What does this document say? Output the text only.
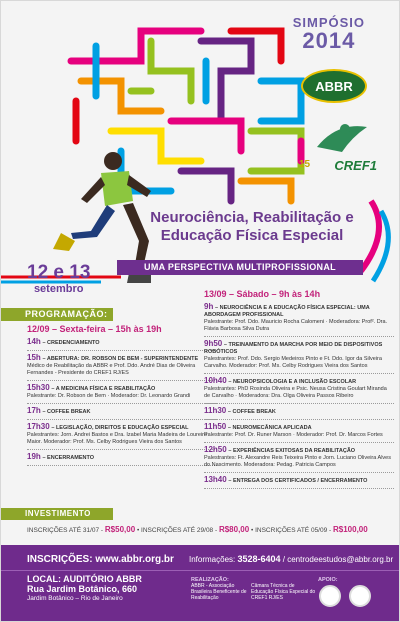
SIMPÓSIO
2014
ABBR
15 CREF1
Neurociência, Reabilitação e Educação Física Especial
UMA PERSPECTIVA MULTIPROFISSIONAL
12 e 13
setembro
PROGRAMAÇÃO:
12/09 – Sexta-feira – 15h às 19h
14h – CREDENCIAMENTO
15h – ABERTURA: DR. ROBSON DE BEM - SUPERINTENDENTE
Médico de Reabilitação da ABBR e Prof. Ddo. André Dias de Oliveira Fernandes - Presidente do CREF1 RJ/ES
15h30 – A MEDICINA FÍSICA E REABILITAÇÃO
Palestrante: Dr. Robson de Bem · Moderador: Dr. Leonardo Grandi
17h – COFFEE BREAK
17h30 – LEGISLAÇÃO, DIREITOS E EDUCAÇÃO ESPECIAL
Palestrantes: Jorn. Andrei Bastos e Dra. Izabel Maria Madeira de Loureiro Maior. Moderador: Prof. Ms. Celby Rodrigues Vieira dos Santos
19h – ENCERRAMENTO
13/09 – Sábado – 9h às 14h
9h – NEUROCIÊNCIA E A EDUCAÇÃO FÍSICA ESPECIAL: UMA ABORDAGEM PROFISSIONAL
Palestrante: Prof. Ddo. Mauricio Rocha Calomeni · Moderadora: Prof². Dra. Flávia Barbosa Silva Dutra
9h50 – TREINAMENTO DA MARCHA POR MEIO DE DISPOSITIVOS ROBÓTICOS
Palestrantes: Prof. Ddo. Sergio Medeiros Pinto e Ft. Ddo. Igor da Silveira Carvalho. Moderador: Prof. Ms. Celby Rodrigues Vieira dos Santos
10h40 – NEUROPSICOLOGIA E A INCLUSÃO ESCOLAR
Palestrantes: PhD Rosinda Oliveira e Psic. Neusa Cristina Goulart Miranda de Carvalho · Moderadora: Dra. Olga Oliveira Passos Ribeiro
11h30 – COFFEE BREAK
11h50 – NEUROMECÂNICA APLICADA
Palestrante: Prof. Dr. Runer Marson · Moderador: Prof. Dr. Marcos Fortes
12h50 – EXPERIÊNCIAS EXITOSAS DA REABILITAÇÃO
Palestrantes: Ft. Alexandre Reis Teixeira Pinto e Jorn. Luciano Oliveira Alves do Nascimento. Moderadora: Pedag. Patricia Campos
13h40 – ENTREGA DOS CERTIFICADOS / ENCERRAMENTO
INVESTIMENTO
INSCRIÇÕES ATÉ 31/07 - R$50,00 • INSCRIÇÕES ATÉ 29/08 - R$80,00 • INSCRIÇÕES ATÉ 05/09 - R$100,00
INSCRIÇÕES: www.abbr.org.br Informações: 3528-6404 / centrodeestudos@abbr.org.br
LOCAL: AUDITÓRIO ABBR
Rua Jardim Botânico, 660
Jardim Botânico – Rio de Janeiro
REALIZAÇÃO:
ABBR - Associação Brasileira Beneficente de Reabilitação
Câmara Técnica de Educação Física Especial do CREF1 RJ/ES
APOIO:
